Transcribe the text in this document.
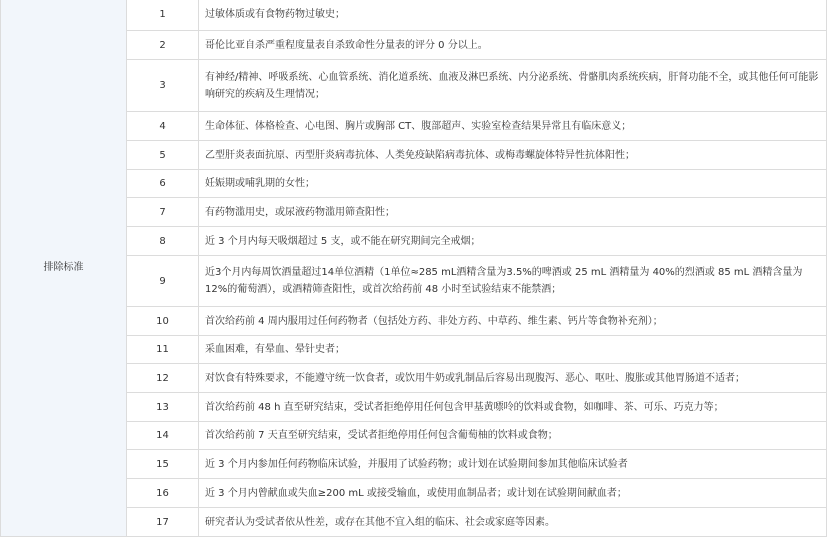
排除标准	1	过敏体质或有食物药物过敏史；
	2	哥伦比亚自杀严重程度量表自杀致命性分量表的评分 0 分以上。
	3	有神经/精神、呼吸系统、心血管系统、消化道系统、血液及淋巴系统、内分泌系统、骨骼肌肉系统疾病，肝肾功能不全，或其他任何可能影响研究的疾病及生理情况；
	4	生命体征、体格检查、心电图、胸片或胸部 CT、腹部超声、实验室检查结果异常且有临床意义；
	5	乙型肝炎表面抗原、丙型肝炎病毒抗体、人类免疫缺陷病毒抗体、或梅毒螺旋体特异性抗体阳性；
	6	妊娠期或哺乳期的女性；
	7	有药物滥用史，或尿液药物滥用筛查阳性；
	8	近 3 个月内每天吸烟超过 5 支，或不能在研究期间完全戒烟；
	9	近3个月内每周饮酒量超过14单位酒精（1单位≈285 mL酒精含量为3.5%的啤酒或 25 mL 酒精量为 40%的烈酒或 85 mL 酒精含量为 12%的葡萄酒），或酒精筛查阳性，或首次给药前 48 小时至试验结束不能禁酒；
	10	首次给药前 4 周内服用过任何药物者（包括处方药、非处方药、中草药、维生素、钙片等食物补充剂）；
	11	采血困难，有晕血、晕针史者；
	12	对饮食有特殊要求，不能遵守统一饮食者，或饮用牛奶或乳制品后容易出现腹泻、恶心、呕吐、腹胀或其他胃肠道不适者；
	13	首次给药前 48 h 直至研究结束，受试者拒绝停用任何包含甲基黄嘌呤的饮料或食物，如咖啡、茶、可乐、巧克力等；
	14	首次给药前 7 天直至研究结束，受试者拒绝停用任何包含葡萄柚的饮料或食物；
	15	近 3 个月内参加任何药物临床试验，并服用了试验药物；或计划在试验期间参加其他临床试验者
	16	近 3 个月内曾献血或失血≥200 mL 或接受输血，或使用血制品者；或计划在试验期间献血者；
	17	研究者认为受试者依从性差，或存在其他不宜入组的临床、社会或家庭等因素。
